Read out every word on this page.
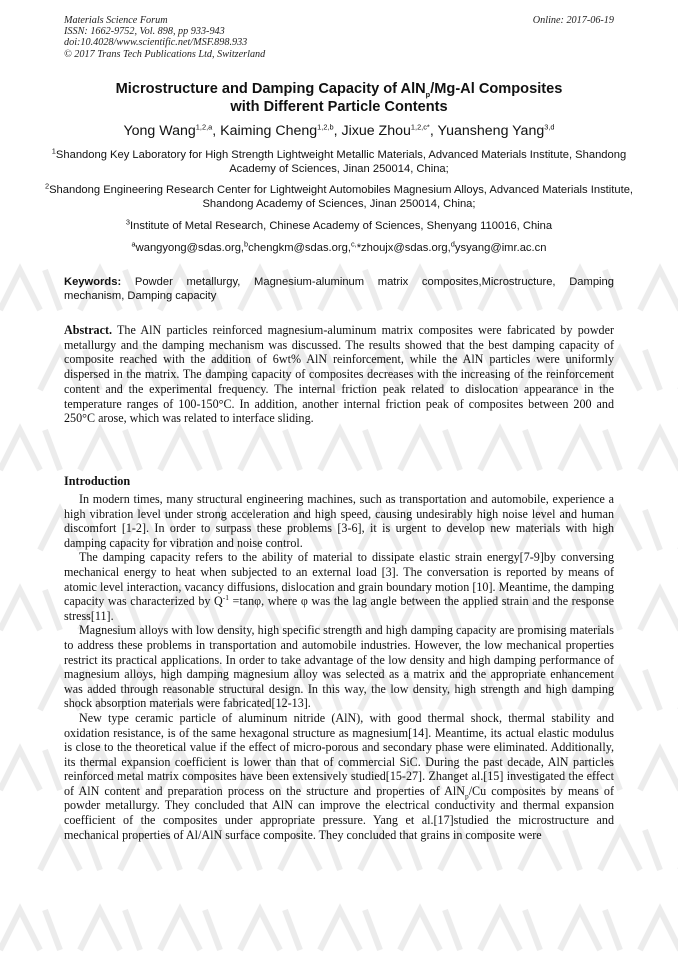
Materials Science Forum
ISSN: 1662-9752, Vol. 898, pp 933-943
doi:10.4028/www.scientific.net/MSF.898.933
© 2017 Trans Tech Publications Ltd, Switzerland
Online: 2017-06-19
Microstructure and Damping Capacity of AlN$_p$/Mg-Al Composites
with Different Particle Contents
Yong Wang$^{1,2,a}$, Kaiming Cheng$^{1,2,b}$, Jixue Zhou$^{1,2,c*}$, Yuansheng Yang$^{3,d}$
$^1$Shandong Key Laboratory for High Strength Lightweight Metallic Materials, Advanced Materials Institute, Shandong Academy of Sciences, Jinan 250014, China;
$^2$Shandong Engineering Research Center for Lightweight Automobiles Magnesium Alloys, Advanced Materials Institute, Shandong Academy of Sciences, Jinan 250014, China;
$^3$Institute of Metal Research, Chinese Academy of Sciences, Shenyang 110016, China
$^a$wangyong@sdas.org,$^b$chengkm@sdas.org,$^{c,}$*zhoujx@sdas.org,$^d$ysyang@imr.ac.cn
Keywords: Powder metallurgy, Magnesium-aluminum matrix composites,Microstructure, Damping mechanism, Damping capacity
Abstract. The AlN particles reinforced magnesium-aluminum matrix composites were fabricated by powder metallurgy and the damping mechanism was discussed. The results showed that the best damping capacity of composite reached with the addition of 6wt% AlN reinforcement, while the AlN particles were uniformly dispersed in the matrix. The damping capacity of composites decreases with the increasing of the reinforcement content and the experimental frequency. The internal friction peak related to dislocation appearance in the temperature ranges of 100-150°C. In addition, another internal friction peak of composites between 200 and 250°C arose, which was related to interface sliding.
Introduction

In modern times, many structural engineering machines, such as transportation and automobile, experience a high vibration level under strong acceleration and high speed, causing undesirably high noise level and human discomfort [1-2]. In order to surpass these problems [3-6], it is urgent to develop new materials with high damping capacity for vibration and noise control.

The damping capacity refers to the ability of material to dissipate elastic strain energy[7-9]by conversing mechanical energy to heat when subjected to an external load [3]. The conversation is reported by means of atomic level interaction, vacancy diffusions, dislocation and grain boundary motion [10]. Meantime, the damping capacity was characterized by $Q^{-1} =\tan\varphi$, where φ was the lag angle between the applied strain and the response stress[11].

Magnesium alloys with low density, high specific strength and high damping capacity are promising materials to address these problems in transportation and automobile industries. However, the low mechanical properties restrict its practical applications. In order to take advantage of the low density and high damping performance of magnesium alloys, high damping magnesium alloy was selected as a matrix and the appropriate enhancement was added through reasonable structural design. In this way, the low density, high strength and high damping shock absorption materials were fabricated[12-13].

New type ceramic particle of aluminum nitride (AlN), with good thermal shock, thermal stability and oxidation resistance, is of the same hexagonal structure as magnesium[14]. Meantime, its actual elastic modulus is close to the theoretical value if the effect of micro-porous and secondary phase were eliminated. Additionally, its thermal expansion coefficient is lower than that of commercial SiC. During the past decade, AlN particles reinforced metal matrix composites have been extensively studied[15-27]. Zhanget al.[15] investigated the effect of AlN content and preparation process on the structure and properties of AlN$_p$/Cu composites by means of powder metallurgy. They concluded that AlN can improve the electrical conductivity and thermal expansion coefficient of the composites under appropriate pressure. Yang et al.[17]studied the microstructure and mechanical properties of Al/AlN surface composite. They concluded that grains in composite were
